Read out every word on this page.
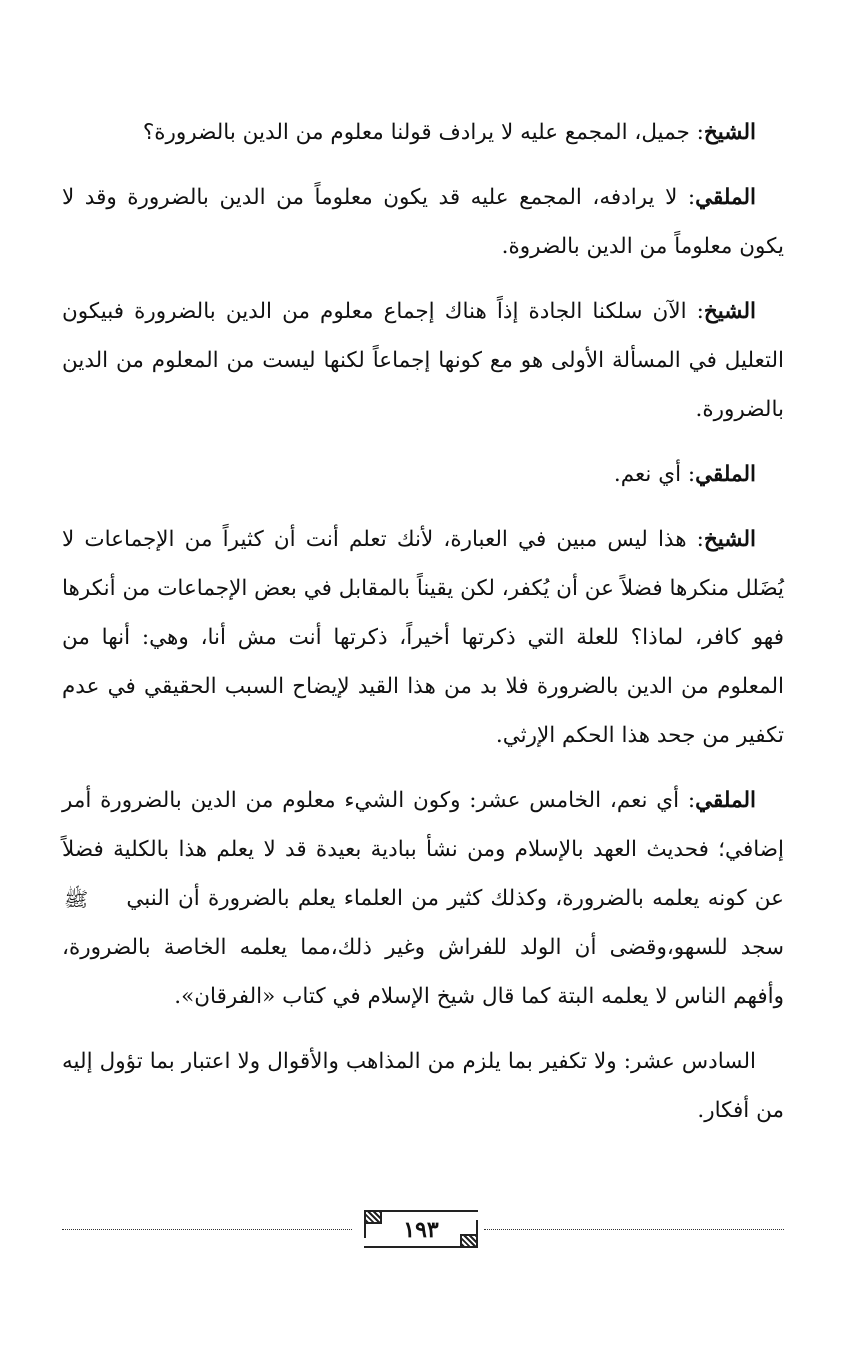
الشيخ: جميل، المجمع عليه لا يرادف قولنا معلوم من الدين بالضرورة؟

الملقي: لا يرادفه، المجمع عليه قد يكون معلوماً من الدين بالضرورة وقد لا يكون معلوماً من الدين بالضروة.

الشيخ: الآن سلكنا الجادة إذاً هناك إجماع معلوم من الدين بالضرورة فبيكون التعليل في المسألة الأولى هو مع كونها إجماعاً لكنها ليست من المعلوم من الدين بالضرورة.

الملقي: أي نعم.

الشيخ: هذا ليس مبين في العبارة، لأنك تعلم أنت أن كثيراً من الإجماعات لا يُضَلل منكرها فضلاً عن أن يُكفر، لكن يقيناً بالمقابل في بعض الإجماعات من أنكرها فهو كافر، لماذا؟ للعلة التي ذكرتها أخيراً، ذكرتها أنت مش أنا، وهي: أنها من المعلوم من الدين بالضرورة فلا بد من هذا القيد لإيضاح السبب الحقيقي في عدم تكفير من جحد هذا الحكم الإرثي.

الملقي: أي نعم، الخامس عشر: وكون الشيء معلوم من الدين بالضرورة أمر إضافي؛ فحديث العهد بالإسلام ومن نشأ ببادية بعيدة قد لا يعلم هذا بالكلية فضلاً عن كونه يعلمه بالضرورة، وكذلك كثير من العلماء يعلم بالضرورة أن النبي ﷺ سجد للسهو،وقضى أن الولد للفراش وغير ذلك،مما يعلمه الخاصة بالضرورة، وأفهم الناس لا يعلمه البتة كما قال شيخ الإسلام في كتاب «الفرقان».

السادس عشر: ولا تكفير بما يلزم من المذاهب والأقوال ولا اعتبار بما تؤول إليه من أفكار.

١٩٣
